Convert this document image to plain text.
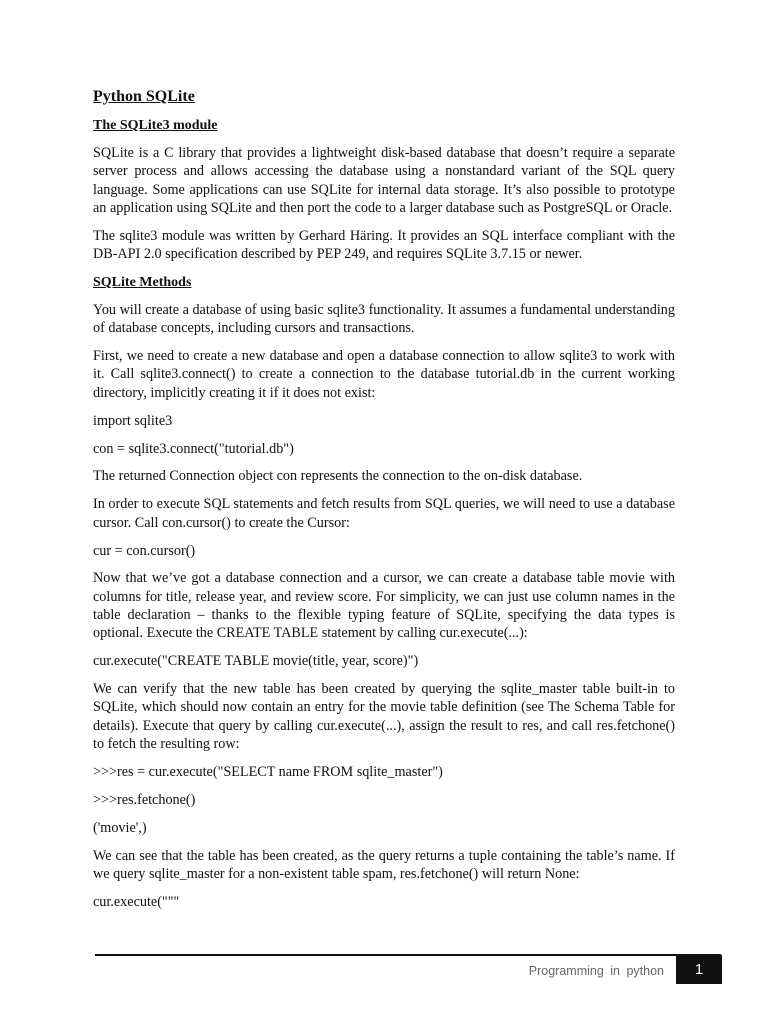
Python SQLite
The SQLite3 module

SQLite is a C library that provides a lightweight disk-based database that doesn’t require a separate server process and allows accessing the database using a nonstandard variant of the SQL query language. Some applications can use SQLite for internal data storage. It’s also possible to prototype an application using SQLite and then port the code to a larger database such as PostgreSQL or Oracle.

The sqlite3 module was written by Gerhard Häring. It provides an SQL interface compliant with the DB-API 2.0 specification described by PEP 249, and requires SQLite 3.7.15 or newer.

SQLite Methods

You will create a database of using basic sqlite3 functionality. It assumes a fundamental understanding of database concepts, including cursors and transactions.

First, we need to create a new database and open a database connection to allow sqlite3 to work with it. Call sqlite3.connect() to create a connection to the database tutorial.db in the current working directory, implicitly creating it if it does not exist:

import sqlite3

con = sqlite3.connect("tutorial.db")

The returned Connection object con represents the connection to the on-disk database.

In order to execute SQL statements and fetch results from SQL queries, we will need to use a database cursor. Call con.cursor() to create the Cursor:

cur = con.cursor()

Now that we’ve got a database connection and a cursor, we can create a database table movie with columns for title, release year, and review score. For simplicity, we can just use column names in the table declaration – thanks to the flexible typing feature of SQLite, specifying the data types is optional. Execute the CREATE TABLE statement by calling cur.execute(...):

cur.execute("CREATE TABLE movie(title, year, score)")

We can verify that the new table has been created by querying the sqlite_master table built-in to SQLite, which should now contain an entry for the movie table definition (see The Schema Table for details). Execute that query by calling cur.execute(...), assign the result to res, and call res.fetchone() to fetch the resulting row:

>>>res = cur.execute("SELECT name FROM sqlite_master")

>>>res.fetchone()

('movie',)

We can see that the table has been created, as the query returns a tuple containing the table’s name. If we query sqlite_master for a non-existent table spam, res.fetchone() will return None:

cur.execute("""

Programming in python	1
